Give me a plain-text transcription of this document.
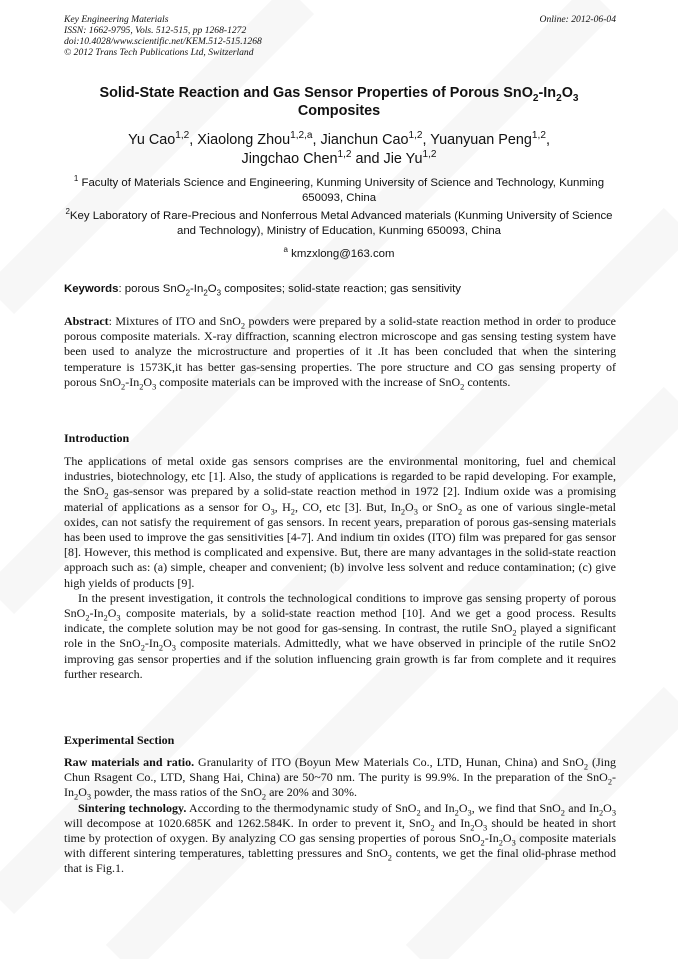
Key Engineering Materials
ISSN: 1662-9795, Vols. 512-515, pp 1268-1272
doi:10.4028/www.scientific.net/KEM.512-515.1268
© 2012 Trans Tech Publications Ltd, Switzerland
Online: 2012-06-04
Solid-State Reaction and Gas Sensor Properties of Porous $SnO_2-In_2O_3$
Composites
Yu Cao$^{1,2}$, Xiaolong Zhou$^{1,2,a}$, Jianchun Cao$^{1,2}$, Yuanyuan Peng$^{1,2}$,
Jingchao Chen$^{1,2}$ and Jie Yu$^{1,2}$
$^1$ Faculty of Materials Science and Engineering, Kunming University of Science and Technology, Kunming 650093, China
$^2$Key Laboratory of Rare-Precious and Nonferrous Metal Advanced materials (Kunming University of Science and Technology), Ministry of Education, Kunming 650093, China
$^a$ kmzxlong@163.com
Keywords: porous $SnO_2-In_2O_3$ composites; solid-state reaction; gas sensitivity
Abstract: Mixtures of ITO and SnO$_2$ powders were prepared by a solid-state reaction method in order to produce porous composite materials. X-ray diffraction, scanning electron microscope and gas sensing testing system have been used to analyze the microstructure and properties of it .It has been concluded that when the sintering temperature is 1573K,it has better gas-sensing properties. The pore structure and CO gas sensing property of porous $SnO_2-In_2O_3$ composite materials can be improved with the increase of SnO$_2$ contents.
Introduction

The applications of metal oxide gas sensors comprises are the environmental monitoring, fuel and chemical industries, biotechnology, etc [1]. Also, the study of applications is regarded to be rapid developing. For example, the SnO$_2$ gas-sensor was prepared by a solid-state reaction method in 1972 [2]. Indium oxide was a promising material of applications as a sensor for $O_3$, $H_2$, CO, etc [3]. But, $In_2O_3$ or SnO$_2$ as one of various single-metal oxides, can not satisfy the requirement of gas sensors. In recent years, preparation of porous gas-sensing materials has been used to improve the gas sensitivities [4-7]. And indium tin oxides (ITO) film was prepared for gas sensor [8]. However, this method is complicated and expensive. But, there are many advantages in the solid-state reaction approach such as: (a) simple, cheaper and convenient; (b) involve less solvent and reduce contamination; (c) give high yields of products [9].

In the present investigation, it controls the technological conditions to improve gas sensing property of porous $SnO_2-In_2O_3$ composite materials, by a solid-state reaction method [10]. And we get a good process. Results indicate, the complete solution may be not good for gas-sensing. In contrast, the rutile SnO$_2$ played a significant role in the $SnO_2-In_2O_3$ composite materials. Admittedly, what we have observed in principle of the rutile SnO2 improving gas sensor properties and if the solution influencing grain growth is far from complete and it requires further research.

Experimental Section

Raw materials and ratio. Granularity of ITO (Boyun Mew Materials Co., LTD, Hunan, China) and SnO$_2$ (Jing Chun Rsagent Co., LTD, Shang Hai, China) are 50~70 nm. The purity is 99.9%. In the preparation of the $SnO_2-In_2O_3$ powder, the mass ratios of the SnO$_2$ are 20% and 30%.

Sintering technology. According to the thermodynamic study of SnO$_2$ and $In_2O_3$, we find that SnO$_2$ and $In_2O_3$ will decompose at 1020.685K and 1262.584K. In order to prevent it, SnO$_2$ and $In_2O_3$ should be heated in short time by protection of oxygen. By analyzing CO gas sensing properties of porous $SnO_2-In_2O_3$ composite materials with different sintering temperatures, tabletting pressures and SnO$_2$ contents, we get the final olid-phrase method that is Fig.1.
